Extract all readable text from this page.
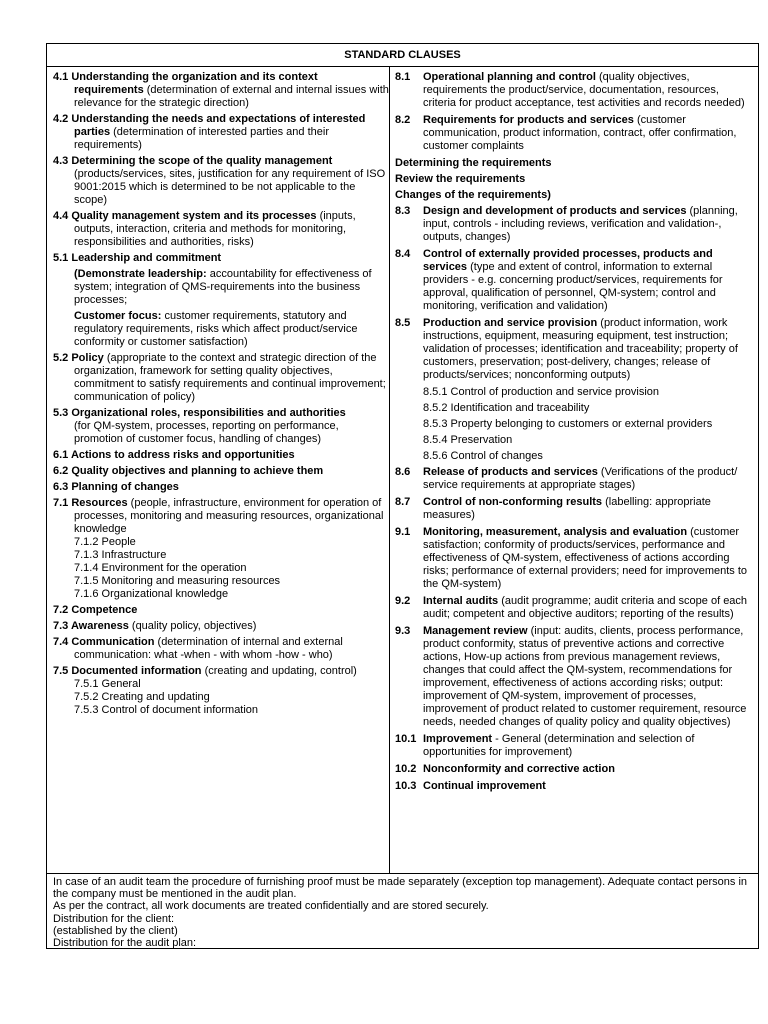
STANDARD CLAUSES
4.1 Understanding the organization and its context requirements (determination of external and internal issues with relevance for the strategic direction)
4.2 Understanding the needs and expectations of interested parties (determination of interested parties and their requirements)
4.3 Determining the scope of the quality management (products/services, sites, justification for any requirement of ISO 9001:2015 which is determined to be not applicable to the scope)
4.4 Quality management system and its processes (inputs, outputs, interaction, criteria and methods for monitoring, responsibilities and authorities, risks)
5.1 Leadership and commitment
(Demonstrate leadership: accountability for effectiveness of system; integration of QMS-requirements into the business processes;
Customer focus: customer requirements, statutory and regulatory requirements, risks which affect product/service conformity or customer satisfaction)
5.2 Policy (appropriate to the context and strategic direction of the organization, framework for setting quality objectives, commitment to satisfy requirements and continual improvement; communication of policy)
5.3 Organizational roles, responsibilities and authorities
(for QM-system, processes, reporting on performance, promotion of customer focus, handling of changes)
6.1 Actions to address risks and opportunities
6.2 Quality objectives and planning to achieve them
6.3 Planning of changes
7.1 Resources (people, infrastructure, environment for operation of processes, monitoring and measuring resources, organizational knowledge
7.1.2 People
7.1.3 Infrastructure
7.1.4 Environment for the operation
7.1.5 Monitoring and measuring resources
7.1.6 Organizational knowledge
7.2 Competence
7.3 Awareness (quality policy, objectives)
7.4 Communication (determination of internal and external communication: what -when - with whom -how - who)
7.5 Documented information (creating and updating, control)
7.5.1 General
7.5.2 Creating and updating
7.5.3 Control of document information
8.1	Operational planning and control (quality objectives, requirements the product/service, documentation, resources, criteria for product acceptance, test activities and records needed)
8.2	Requirements for products and services (customer communication, product information, contract, offer confirmation, customer complaints
Determining the requirements
Review the requirements
Changes of the requirements)
8.3	Design and development of products and services (planning, input, controls - including reviews, verification and validation-, outputs, changes)
8.4	Control of externally provided processes, products and services (type and extent of control, information to external providers - e.g. concerning product/services, requirements for approval, qualification of personnel, QM-system; control and monitoring, verification and validation)
8.5	Production and service provision (product information, work instructions, equipment, measuring equipment, test instruction; validation of processes; identification and traceability; property of customers, preservation; post-delivery, changes; release of products/services; nonconforming outputs)
8.5.1 Control of production and service provision
8.5.2 Identification and traceability
8.5.3 Property belonging to customers or external providers
8.5.4 Preservation
8.5.6 Control of changes
8.6	Release of products and services (Verifications of the product/ service requirements at appropriate stages)
8.7	Control of non-conforming results (labelling: appropriate measures)
9.1	Monitoring, measurement, analysis and evaluation (customer satisfaction; conformity of products/services, performance and effectiveness of QM-system, effectiveness of actions according risks; performance of external providers; need for improvements to the QM-system)
9.2	Internal audits (audit programme; audit criteria and scope of each audit; competent and objective auditors; reporting of the results)
9.3	Management review (input: audits, clients, process performance, product conformity, status of preventive actions and corrective actions, How-up actions from previous management reviews, changes that could affect the QM-system, recommendations for improvement, effectiveness of actions according risks; output: improvement of QM-system, improvement of processes, improvement of product related to customer requirement, resource needs, needed changes of quality policy and quality objectives)
10.1 Improvement - General (determination and selection of opportunities for improvement)
10.2 Nonconformity and corrective action
10.3 Continual improvement
In case of an audit team the procedure of furnishing proof must be made separately (exception top management). Adequate contact persons in the company must be mentioned in the audit plan.
As per the contract, all work documents are treated confidentially and are stored securely.
Distribution for the client:
(established by the client)
Distribution for the audit plan:
